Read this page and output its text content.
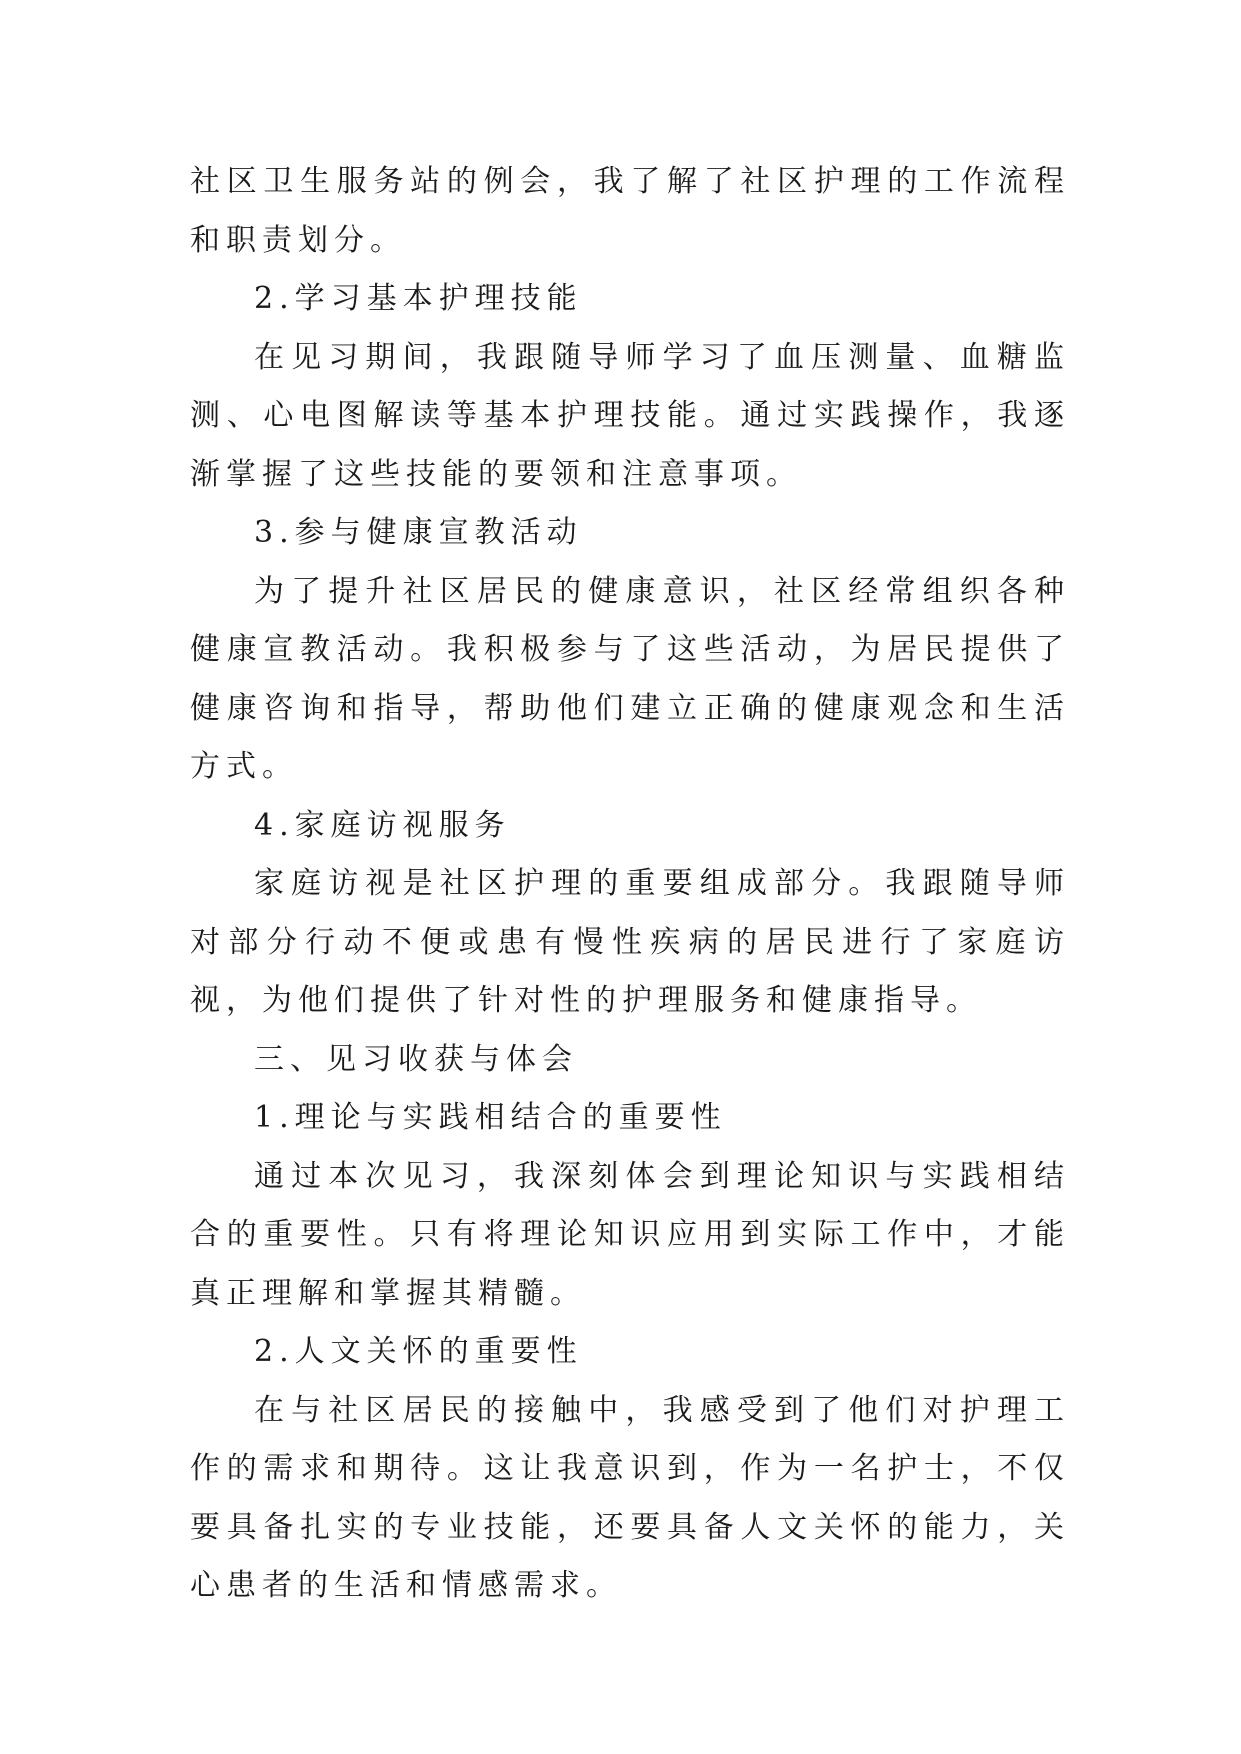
社区卫生服务站的例会，我了解了社区护理的工作流程和职责划分。

2.学习基本护理技能

在见习期间，我跟随导师学习了血压测量、血糖监测、心电图解读等基本护理技能。通过实践操作，我逐渐掌握了这些技能的要领和注意事项。

3.参与健康宣教活动

为了提升社区居民的健康意识，社区经常组织各种健康宣教活动。我积极参与了这些活动，为居民提供了健康咨询和指导，帮助他们建立正确的健康观念和生活方式。

4.家庭访视服务

家庭访视是社区护理的重要组成部分。我跟随导师对部分行动不便或患有慢性疾病的居民进行了家庭访视，为他们提供了针对性的护理服务和健康指导。

三、见习收获与体会

1.理论与实践相结合的重要性

通过本次见习，我深刻体会到理论知识与实践相结合的重要性。只有将理论知识应用到实际工作中，才能真正理解和掌握其精髓。

2.人文关怀的重要性

在与社区居民的接触中，我感受到了他们对护理工作的需求和期待。这让我意识到，作为一名护士，不仅要具备扎实的专业技能，还要具备人文关怀的能力，关心患者的生活和情感需求。
